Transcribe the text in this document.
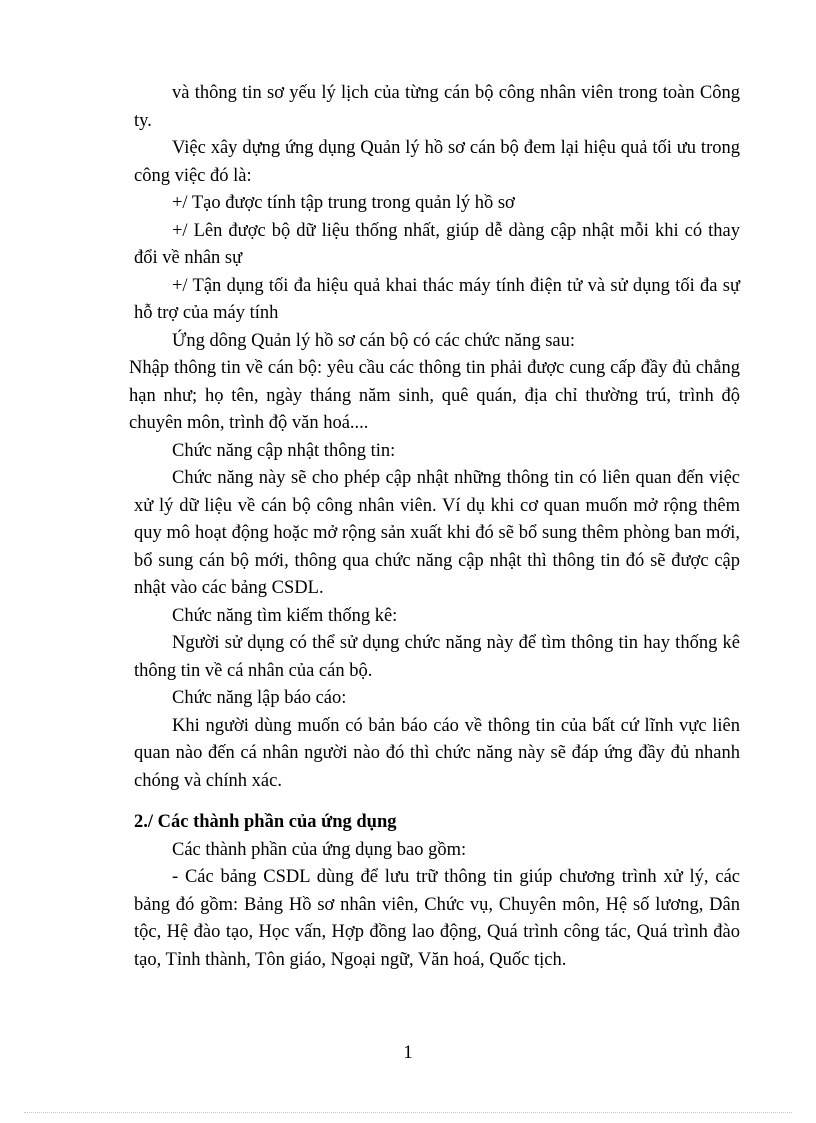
và thông tin sơ yếu lý lịch của từng cán bộ công nhân viên trong toàn Công ty.

Việc xây dựng ứng dụng Quản lý hồ sơ cán bộ đem lại hiệu quả tối ưu trong công việc đó là:

+/ Tạo được tính tập trung trong quản lý hồ sơ

+/ Lên được bộ dữ liệu thống nhất, giúp dễ dàng cập nhật mỗi khi có thay đổi về nhân sự

+/ Tận dụng tối đa hiệu quả khai thác máy tính điện tử và sử dụng tối đa sự hỗ trợ của máy tính

Ứng dông Quản lý hồ sơ cán bộ có các chức năng sau:

Nhập thông tin về cán bộ: yêu cầu các thông tin phải được cung cấp đầy đủ chẳng hạn như; họ tên, ngày tháng năm sinh, quê quán, địa chỉ thường trú, trình độ chuyên môn, trình độ văn hoá....

Chức năng cập nhật thông tin:

Chức năng này sẽ cho phép cập nhật những thông tin có liên quan đến việc xử lý dữ liệu về cán bộ công nhân viên. Ví dụ khi cơ quan muốn mở rộng thêm quy mô hoạt động hoặc mở rộng sản xuất khi đó sẽ bổ sung thêm phòng ban mới, bổ sung cán bộ mới, thông qua chức năng cập nhật thì thông tin đó sẽ được cập nhật vào các bảng CSDL.

Chức năng tìm kiếm thống kê:

Người sử dụng có thể sử dụng chức năng này để tìm thông tin hay thống kê thông tin về cá nhân của cán bộ.

Chức năng lập báo cáo:

Khi người dùng muốn có bản báo cáo về thông tin của bất cứ lĩnh vực liên quan nào đến cá nhân người nào đó thì chức năng này sẽ đáp ứng đầy đủ nhanh chóng và chính xác.

2./ Các thành phần của ứng dụng

Các thành phần của ứng dụng bao gồm:

- Các bảng CSDL dùng để lưu trữ thông tin giúp chương trình xử lý, các bảng đó gồm: Bảng Hồ sơ nhân viên, Chức vụ, Chuyên môn, Hệ số lương, Dân tộc, Hệ đào tạo, Học vấn, Hợp đồng lao động, Quá trình công tác, Quá trình đào tạo, Tỉnh thành, Tôn giáo, Ngoại ngữ, Văn hoá, Quốc tịch.

1
